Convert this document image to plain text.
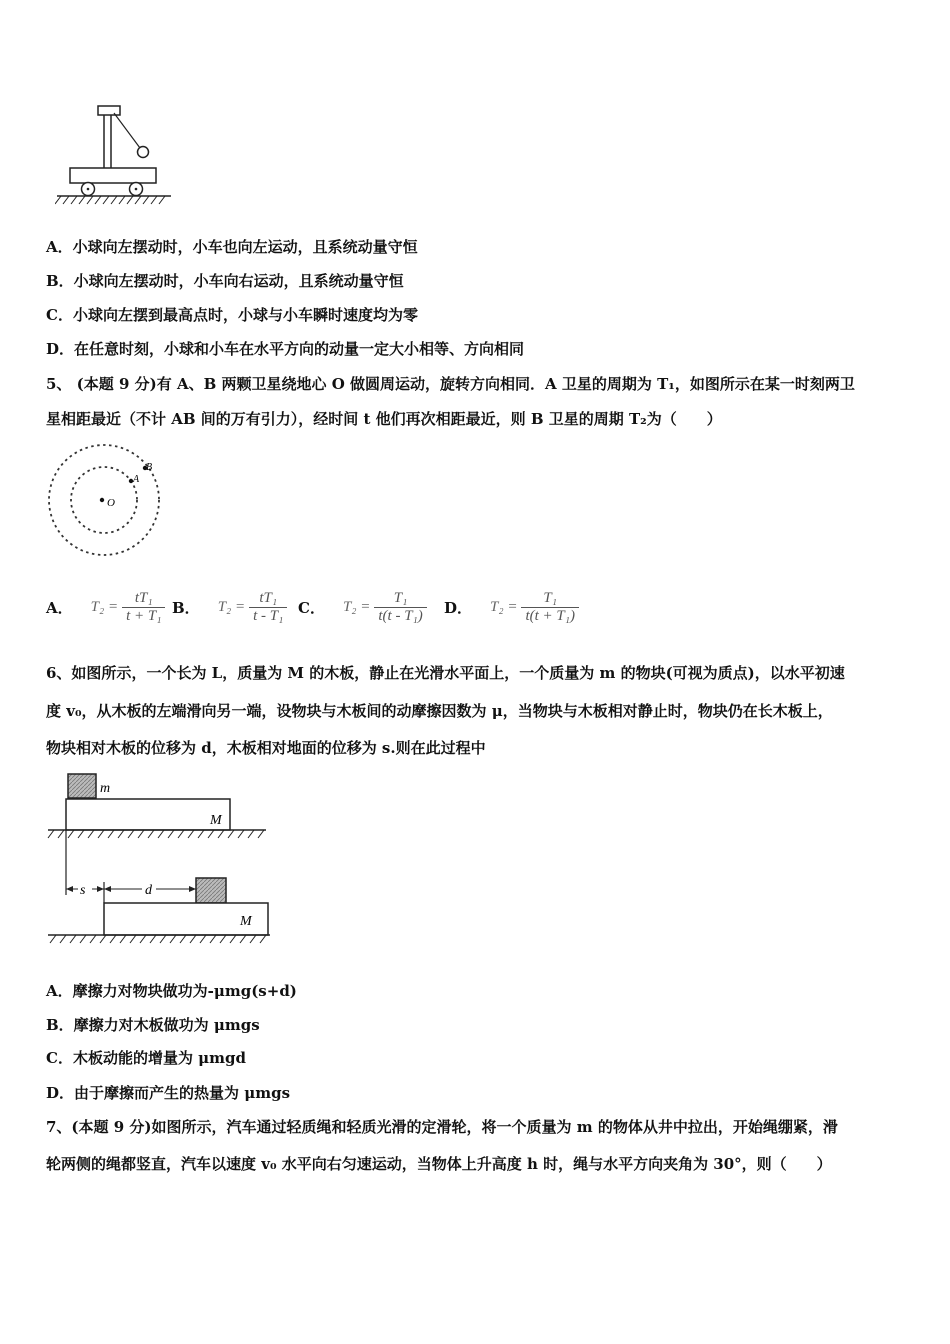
A．小球向左摆动时，小车也向左运动，且系统动量守恒
B．小球向左摆动时，小车向右运动，且系统动量守恒
C．小球向左摆到最高点时，小球与小车瞬时速度均为零
D．在任意时刻，小球和小车在水平方向的动量一定大小相等、方向相同
5、 (本题 9 分)有 A、B 两颗卫星绕地心 O 做圆周运动，旋转方向相同．A 卫星的周期为 T₁，如图所示在某一时刻两卫
星相距最近（不计 AB 间的万有引力），经时间 t 他们再次相距最近，则 B 卫星的周期 T₂为（　　）
O
A
B
A． $T_2 = \frac{\text{tT₁}}{\text{t + T₁}}$ B． $T_2 = \frac{\text{tT₁}}{\text{t - T₁}}$ C． $T_2 = \frac{\text{T₁}}{\text{t(t - T₁)}}$ D． $T_2 = \frac{\text{T₁}}{\text{t(t + T₁)}}$
6、如图所示，一个长为 L，质量为 M 的木板，静止在光滑水平面上，一个质量为 m 的物块(可视为质点)，以水平初速
度 v₀，从木板的左端滑向另一端，设物块与木板间的动摩擦因数为 μ，当物块与木板相对静止时，物块仍在长木板上，
物块相对木板的位移为 d，木板相对地面的位移为 s.则在此过程中
m
M
s	d
M
A．摩擦力对物块做功为-μmg(s+d)
B．摩擦力对木板做功为 μmgs
C．木板动能的增量为 μmgd
D．由于摩擦而产生的热量为 μmgs
7、(本题 9 分)如图所示，汽车通过轻质绳和轻质光滑的定滑轮，将一个质量为 m 的物体从井中拉出，开始绳绷紧，滑
轮两侧的绳都竖直，汽车以速度 v₀ 水平向右匀速运动，当物体上升高度 h 时，绳与水平方向夹角为 30°，则（　　）
